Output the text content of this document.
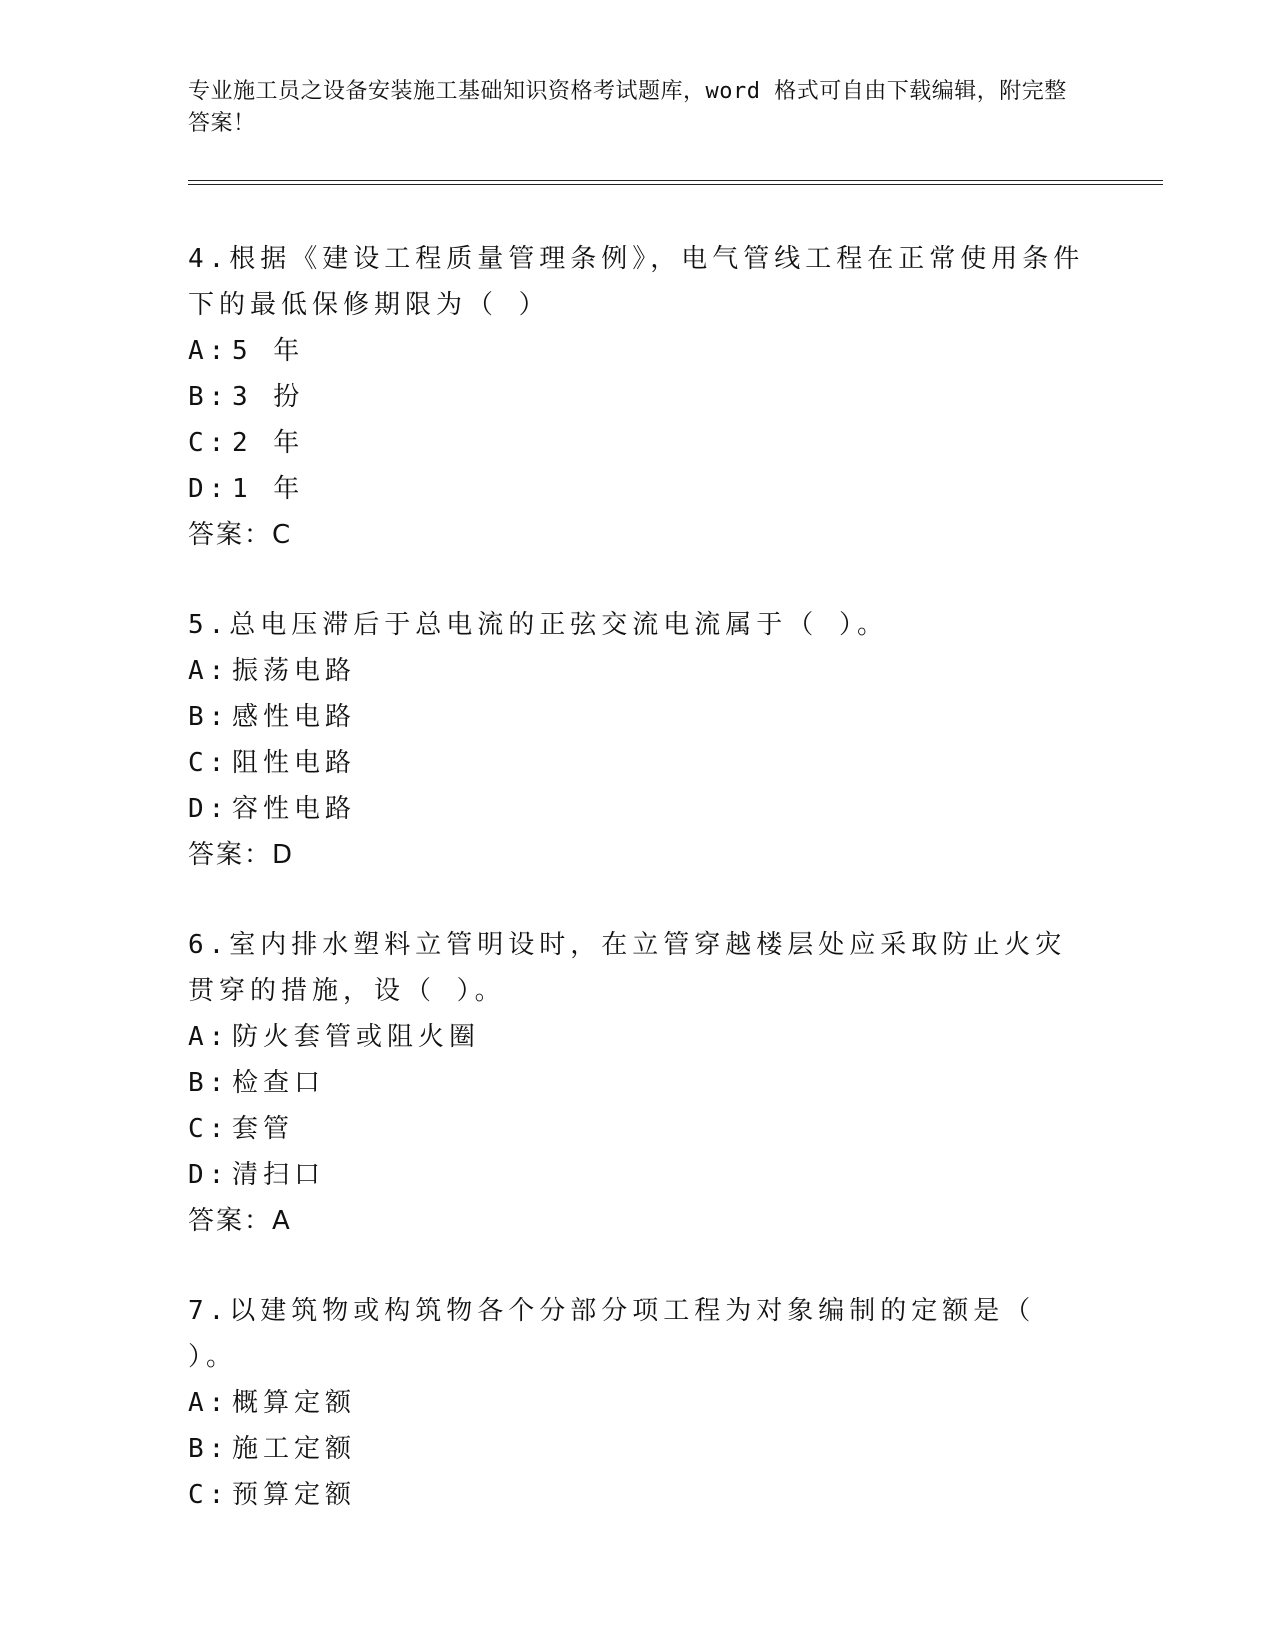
专业施工员之设备安装施工基础知识资格考试题库，word 格式可自由下载编辑，附完整答案！

4.根据《建设工程质量管理条例》，电气管线工程在正常使用条件下的最低保修期限为（ ）

A: 5 年
B: 3 扮
C: 2 年
D: 1 年
答案：C

5.总电压滞后于总电流的正弦交流电流属于（ ）。

A: 振荡电路
B: 感性电路
C: 阻性电路
D: 容性电路
答案：D

6.室内排水塑料立管明设时，在立管穿越楼层处应采取防止火灾贯穿的措施，设（ ）。

A: 防火套管或阻火圈
B: 检查口
C: 套管
D: 清扫口
答案：A

7.以建筑物或构筑物各个分部分项工程为对象编制的定额是（ ）。

A: 概算定额
B: 施工定额
C: 预算定额
